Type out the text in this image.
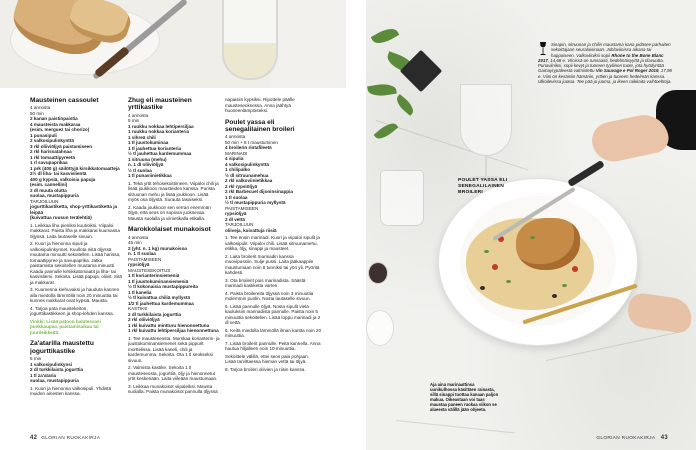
Mausteinen cassoulet
4 annosta
50 min
2 kanan paistinpaistia
4 mausteista makkaraa
(esim. merguez tai chorizo)
1 punasipuli
2 valkosipulinkynttä
3 rkl oliiviöljyä paistamiseen
2 rkl harissatahnaa
1 rkl tomaattipyreetä
1 rl savupaprikaa
1 prk (400 g) säilöttyjä kirsikkatomaatteja
2½ dl liha- tai kasvislientä
400 g kypsiä, valkoisia papuja
(esim. cannellini)
2 dl muuta olutta
suolaa, mustapippuria
TARJOILUUN
jogurttikastiketta, shop-yrttikastiketta ja leipää
(kuivattua ruusun terälehtiä)
1. Leikkaa liha pieniksi kuutioiksi. Viipaloi makkarat. Paista liha ja makkarat kuumassa öljyssä. Laita lautaselle sivuun.
2. Kuori ja hienonna sipuli ja valkosipulinkynnet. Kuullota niitä öljyssä muutama minuutti sekoitellen. Lisää harissa, tomaattipyree ja savupaprika. Jatka paistamista sekoitellen muutama minuutti. Kaada pannulle kirsikkatomaatit ja liha- tai kasvisliemi. Sekoita. Lisää papuja, oliivit. Sitä ja makkarat.
3. Kuumenna kiehuvaksi ja hauduta kannen alla miedolla lämmöllä noin 20 minuuttia tai kunnes makkarat ovat kypsiä. Mausta.
4. Tarjoa pata maustekeiton, jogurttikastikkeen ja shop-lehden kanssa.
Vinkki: Lisää patoon halutessasi punkkaupaa, paistamisaikaa tai juurileikkeitä.
Za'atarilla maustettu jogurttikastike
5 min
1 valkosipulinkynsi
2 dl turkkilaista jogurttia
1 tl za'ataria
suolaa, mustapippuria
1. Kuori ja hienonna valkosipuli. Yhdistä muiden ainesten kanssa.
Zhug eli mausteinen yrttikastike
4 annosta
5 min
1 ruukku nokkaa lehtipersiljaa
1 ruukku nokkaa korianteria
1 vihreä chili
1 tl juustokuminaa
1 tl jauhettua korianteria
½ tl jauhettua kardemummaa
1 sitruuna (mehu)
n. 1 dl oliiviöljyä
½ tl suolaa
1 tl punaviinietikkaa
1. Tekä yrtit tehosekoittimeen. Viipaloi chili ja lisää joukkoon mausteiden kanssa. Purista sitruunan mehu ja lisää joukkoon. Lisää myös osa öljystä. Surauta tasaiseksi.
2. Kaada joukkoon sen verran enemmän öljyä, että seos on sopivan juoksevaa. Mausta suolalla ja viinietikalla etikalla.
Marokkolaiset munakoisot
4 annosta
45 min
2 (yht. n. 1 kg) munakoisoa
n. 1 tl suolaa
PAISTAMISEEN
rypsiöljyä
MAUSTESEKOITUS
1 tl korianterinsiemeniä
1 tl juustokuminansiemeniä
½ tl kokonaisia mustapippureita
1 tl kanelia
½ tl kuivattua chiliä myllystä
1/2 tl jauhettua kardemummaa
KASTIKE
2 dl turkkilaista jogurttia
2 rkl oliiviöljyä
1 rkl kuivattu mintturu hienonnettuna
1 rkl kuivattu lehtipersiljaa hienonnettuna
1. Tee mausteseosta. Murskaa korianterin- ja juustokuminansiemenet sekä pippurit morttelissa. Lisää kaneli, chili ja kardemumma. Sekoita. Ota 1 tl seokseksi sivuun.
2. Valmista kastike. Sekoita 1 tl mausteseosta, jogurttiä, öljy ja hienonnetut yrtit keskenään. Laita viileään maustumaan.
3. Leikkaa munakoisot viipaleiksi. Mausta suolalla. Paista munakoisot pannulla öljyssä
napaisiin kypsiksi. Ripottele päälle mausteseoksessa. Anna jäähtyä huoneenlämpöiseksi.
Poulet yassa eli senegalilainen broileri
4 annosta
50 min + 8 t maustuminen
4 broilerin rintafileetä
MARINADI
4 sipulia
4 valkosipulinkynttä
1 chilipalko
½ dl sitruunamehua
2 rkl valkoviinietikkaa
2 rkl rypsiöljyä
2 rkl Barbecuel dijoninsinappia
1 tl suolaa
½ tl mustapippuria myllystä
PAISTAMISEEN
rypsiöljyä
2 dl vettä
TARJOILUUN
oliiveja, kuivattuja riisiä
1. Tee ensin marinadi. Kuori ja viipaloi sipulit ja valkosipulit. Viipaloi chili. Lisää sitruunamehu, etikka, öljy, sinappi ja mausteet.
2. Laita broilerit marinadin kanssa muovipussiin. Sulje pussi. Laita jääkaappiin maustumaan noin 8 tunniksi tai yön yli. Pyöritä kahdesti.
3. Ota broilerit pois marinadista. Säästä marinadi kastiketta varten.
4. Paista broilereita öljyssä noin 3 minuuttia molemmin puolin. Nosta lautaselle sivuun.
5. Lisää pannulle öljyä. Nosta sipulit vielä kauluksiin marinadista pannulle. Paista noin 5 minuuttia sekoitellen. Lisää loppu marinadi ja 2 dl vettä.
6. Keitä miedolla lämmöllä ilman kantta noin 20 minuuttia.
7. Lisää broilerit pannulle. Peitä kannella. Anna hautua hiljalleen noin 10 minuuttia.
Sekoittele välillä, ettei seos pala pohjaan. Lisää tarvittaessa hieman vettä tai öljyä.
8. Tarjoa broileri oliivien ja riisin kanssa.
42 GLORIAN RUOKAKIRJA
Sinapin, sitruunan ja chilin maustama kana pidäsee parhaiten sekoittajaan seuralaisinaan. Juhlaviinissa aikana tai happoiseen. Valkoviiniksi sopii Rhone to the Bone Blanc 2017, 14,68 e. Viinissä on runsaasti, hedelmäisyyttä ja tilavuutta. Punaviiniksi, sopii kevyt ja tuoreen tyyliinen tuote, jota hyödyntää Gamayrypäleestä valmistettu Vin Sauvage e Pol Roger 2019, 17,98 e. Viini on kesäisiin hämäriin, yrttien ja tuoreen hedelmän kanssa. Ulkoilevissa juotua. Tee pää jo juoma, ja ikeen raikkaita vaihtoehtoja.
POULET YASSA ELI SENEGALILAINEN BROILERI
Aja aina marinaattinsa uunikulhossa käsittäen rainasta, sillä sinappi tuottaa kanaan paljon makua. Oikeastaan voi taas maustaa paneen ruokaa viikon se alueesta välillä jään ohjeeta.
GLORIAN RUOKAKIRJA 43
